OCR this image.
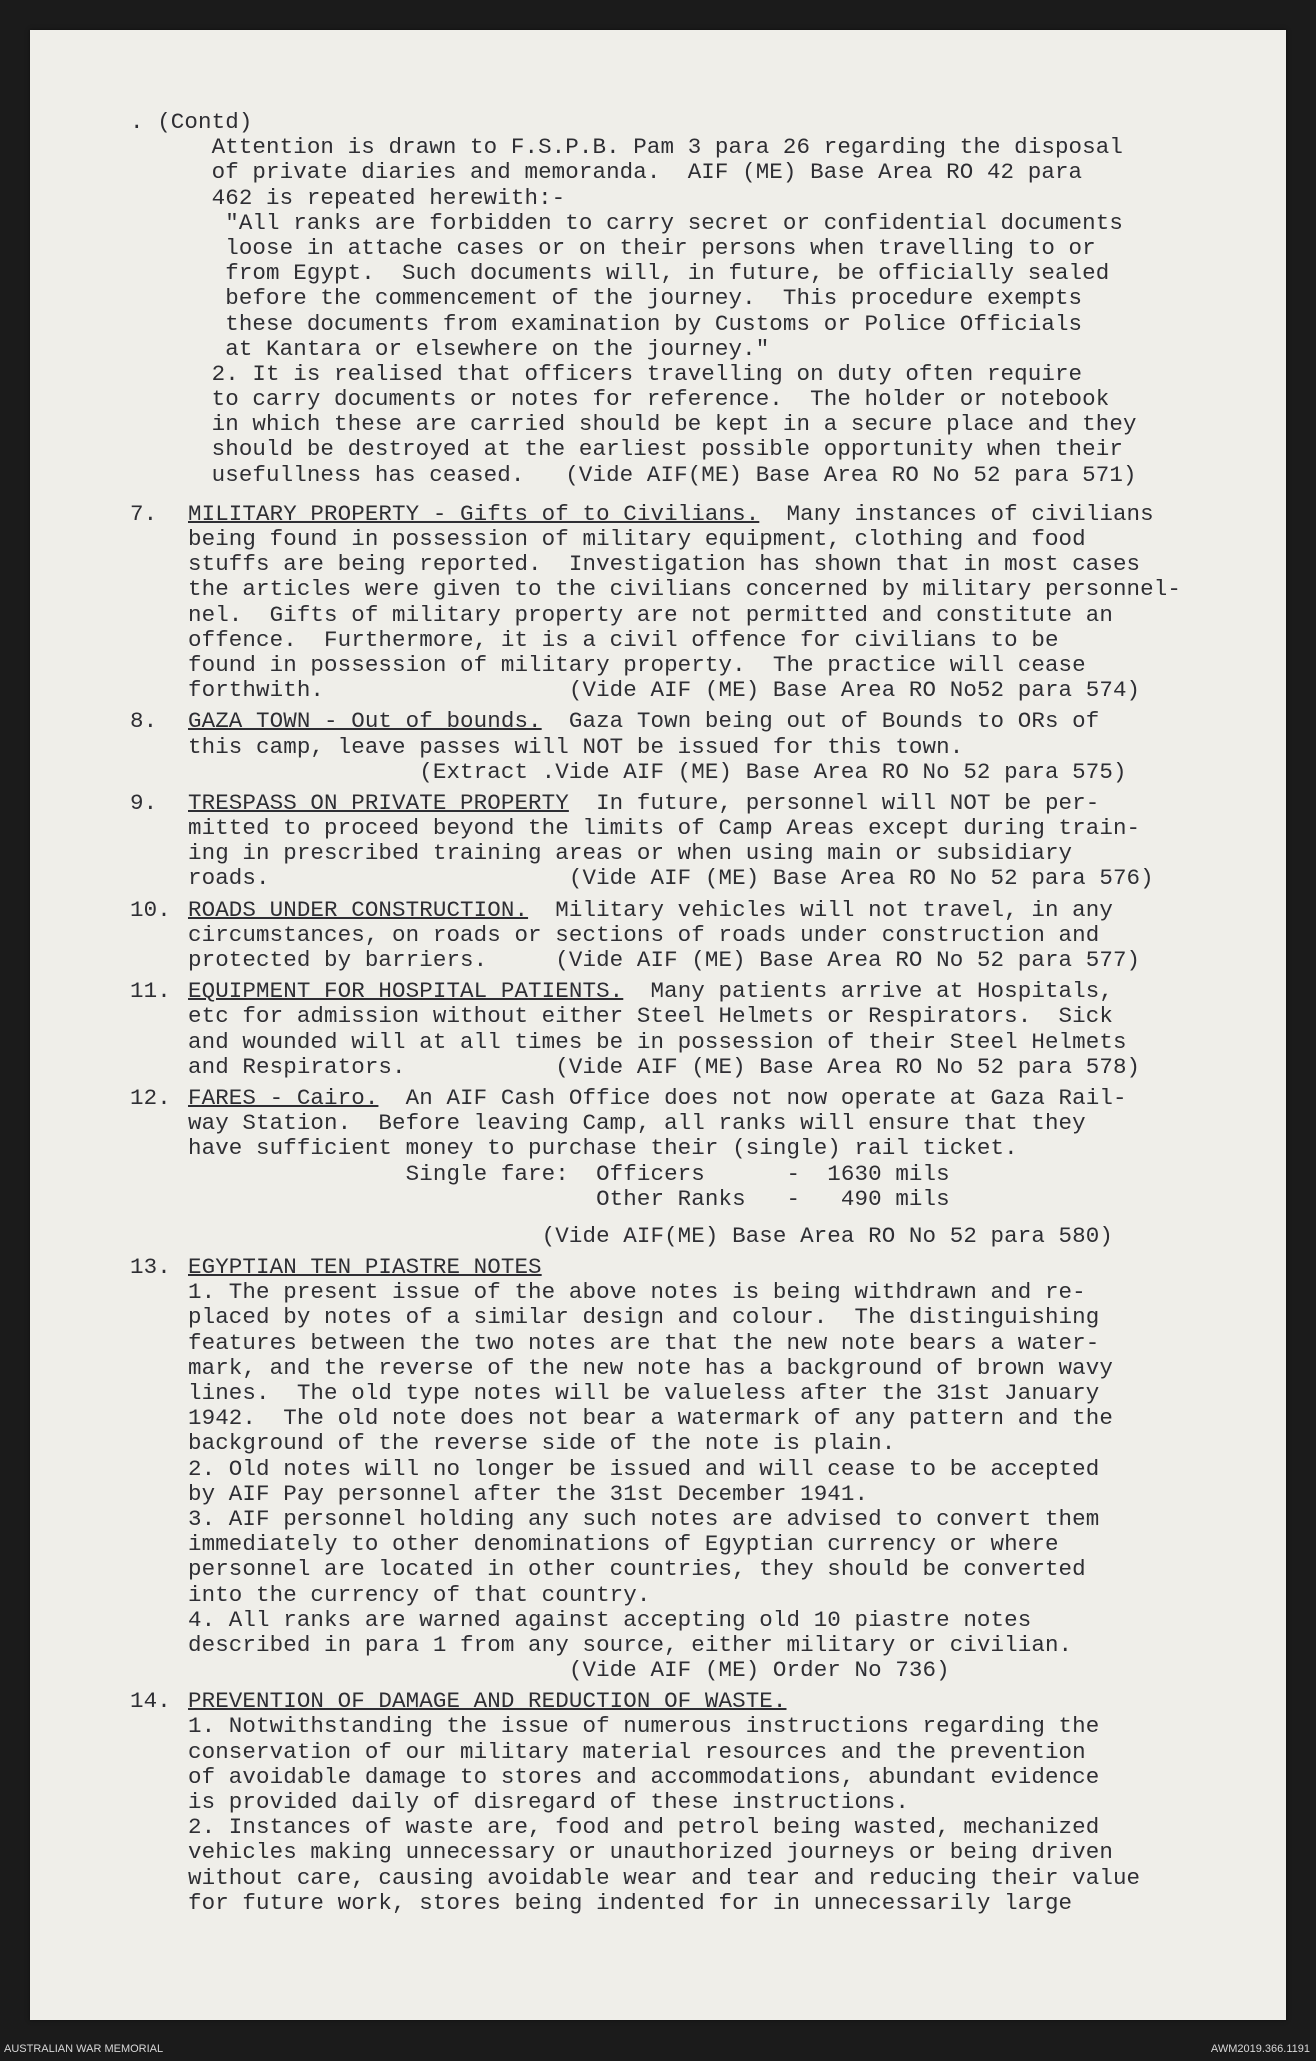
. (Contd)
Attention is drawn to F.S.P.B. Pam 3 para 26 regarding the disposal
of private diaries and memoranda.  AIF (ME) Base Area RO 42 para
462 is repeated herewith:-
"All ranks are forbidden to carry secret or confidential documents
loose in attache cases or on their persons when travelling to or
from Egypt.  Such documents will, in future, be officially sealed
before the commencement of the journey.  This procedure exempts
these documents from examination by Customs or Police Officials
at Kantara or elsewhere on the journey."
2. It is realised that officers travelling on duty often require
to carry documents or notes for reference.  The holder or notebook
in which these are carried should be kept in a secure place and they
should be destroyed at the earliest possible opportunity when their
usefullness has ceased.   (Vide AIF(ME) Base Area RO No 52 para 571)
7. MILITARY PROPERTY - Gifts of to Civilians.  Many instances of civilians
being found in possession of military equipment, clothing and food
stuffs are being reported.  Investigation has shown that in most cases
the articles were given to the civilians concerned by military personnel-
nel.  Gifts of military property are not permitted and constitute an
offence.  Furthermore, it is a civil offence for civilians to be
found in possession of military property.  The practice will cease
forthwith.                  (Vide AIF (ME) Base Area RO No52 para 574)
8. GAZA TOWN - Out of bounds.  Gaza Town being out of Bounds to ORs of
this camp, leave passes will NOT be issued for this town.
(Extract .Vide AIF (ME) Base Area RO No 52 para 575)
9. TRESPASS ON PRIVATE PROPERTY  In future, personnel will NOT be per-
mitted to proceed beyond the limits of Camp Areas except during train-
ing in prescribed training areas or when using main or subsidiary
roads.                      (Vide AIF (ME) Base Area RO No 52 para 576)
10. ROADS UNDER CONSTRUCTION.  Military vehicles will not travel, in any
circumstances, on roads or sections of roads under construction and
protected by barriers.     (Vide AIF (ME) Base Area RO No 52 para 577)
11. EQUIPMENT FOR HOSPITAL PATIENTS.  Many patients arrive at Hospitals,
etc for admission without either Steel Helmets or Respirators.  Sick
and wounded will at all times be in possession of their Steel Helmets
and Respirators.           (Vide AIF (ME) Base Area RO No 52 para 578)
12. FARES - Cairo.  An AIF Cash Office does not now operate at Gaza Rail-
way Station.  Before leaving Camp, all ranks will ensure that they
have sufficient money to purchase their (single) rail ticket.
Single fare:  Officers      -  1630 mils
Other Ranks   -   490 mils
(Vide AIF(ME) Base Area RO No 52 para 580)
13. EGYPTIAN TEN PIASTRE NOTES
1. The present issue of the above notes is being withdrawn and re-
placed by notes of a similar design and colour.  The distinguishing
features between the two notes are that the new note bears a water-
mark, and the reverse of the new note has a background of brown wavy
lines.  The old type notes will be valueless after the 31st January
1942.  The old note does not bear a watermark of any pattern and the
background of the reverse side of the note is plain.
2. Old notes will no longer be issued and will cease to be accepted
by AIF Pay personnel after the 31st December 1941.
3. AIF personnel holding any such notes are advised to convert them
immediately to other denominations of Egyptian currency or where
personnel are located in other countries, they should be converted
into the currency of that country.
4. All ranks are warned against accepting old 10 piastre notes
described in para 1 from any source, either military or civilian.
(Vide AIF (ME) Order No 736)
14. PREVENTION OF DAMAGE AND REDUCTION OF WASTE.
1. Notwithstanding the issue of numerous instructions regarding the
conservation of our military material resources and the prevention
of avoidable damage to stores and accommodations, abundant evidence
is provided daily of disregard of these instructions.
2. Instances of waste are, food and petrol being wasted, mechanized
vehicles making unnecessary or unauthorized journeys or being driven
without care, causing avoidable wear and tear and reducing their value
for future work, stores being indented for in unnecessarily large
AUSTRALIAN WAR MEMORIAL	AWM2019.366.1191
